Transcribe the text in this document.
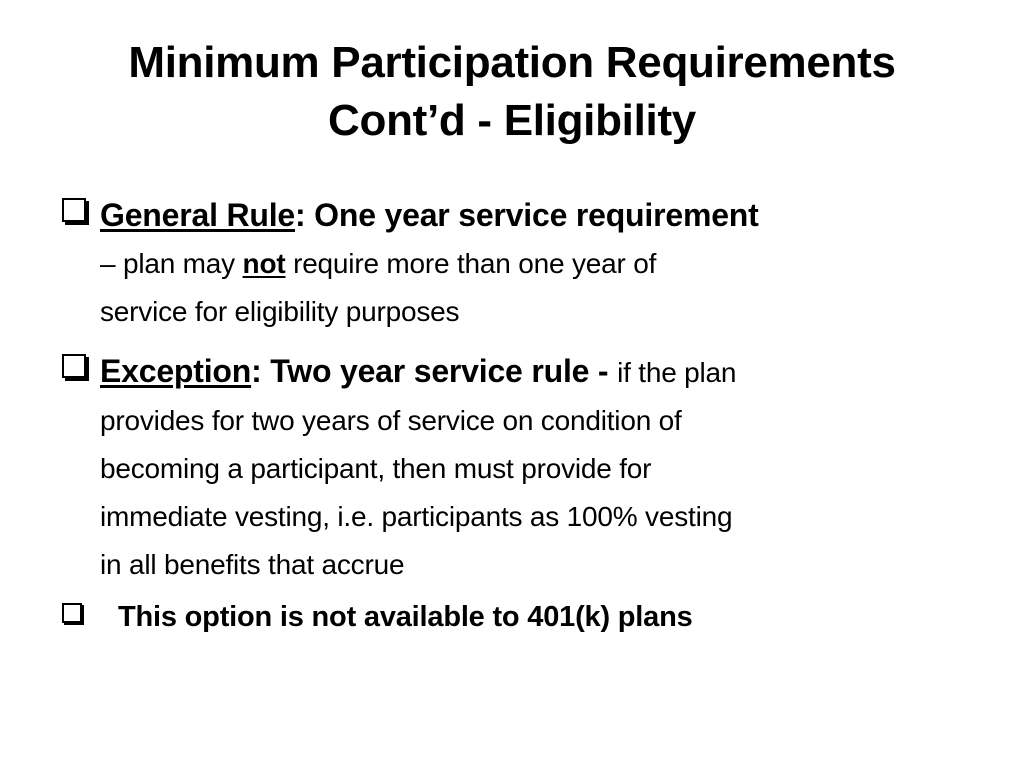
Minimum Participation Requirements
Cont’d - Eligibility
General Rule: One year service requirement
– plan may not require more than one year of
service for eligibility purposes
Exception: Two year service rule - if the plan
provides for two years of service on condition of
becoming a participant, then must provide for
immediate vesting, i.e. participants as 100% vesting
in all benefits that accrue
This option is not available to 401(k) plans
